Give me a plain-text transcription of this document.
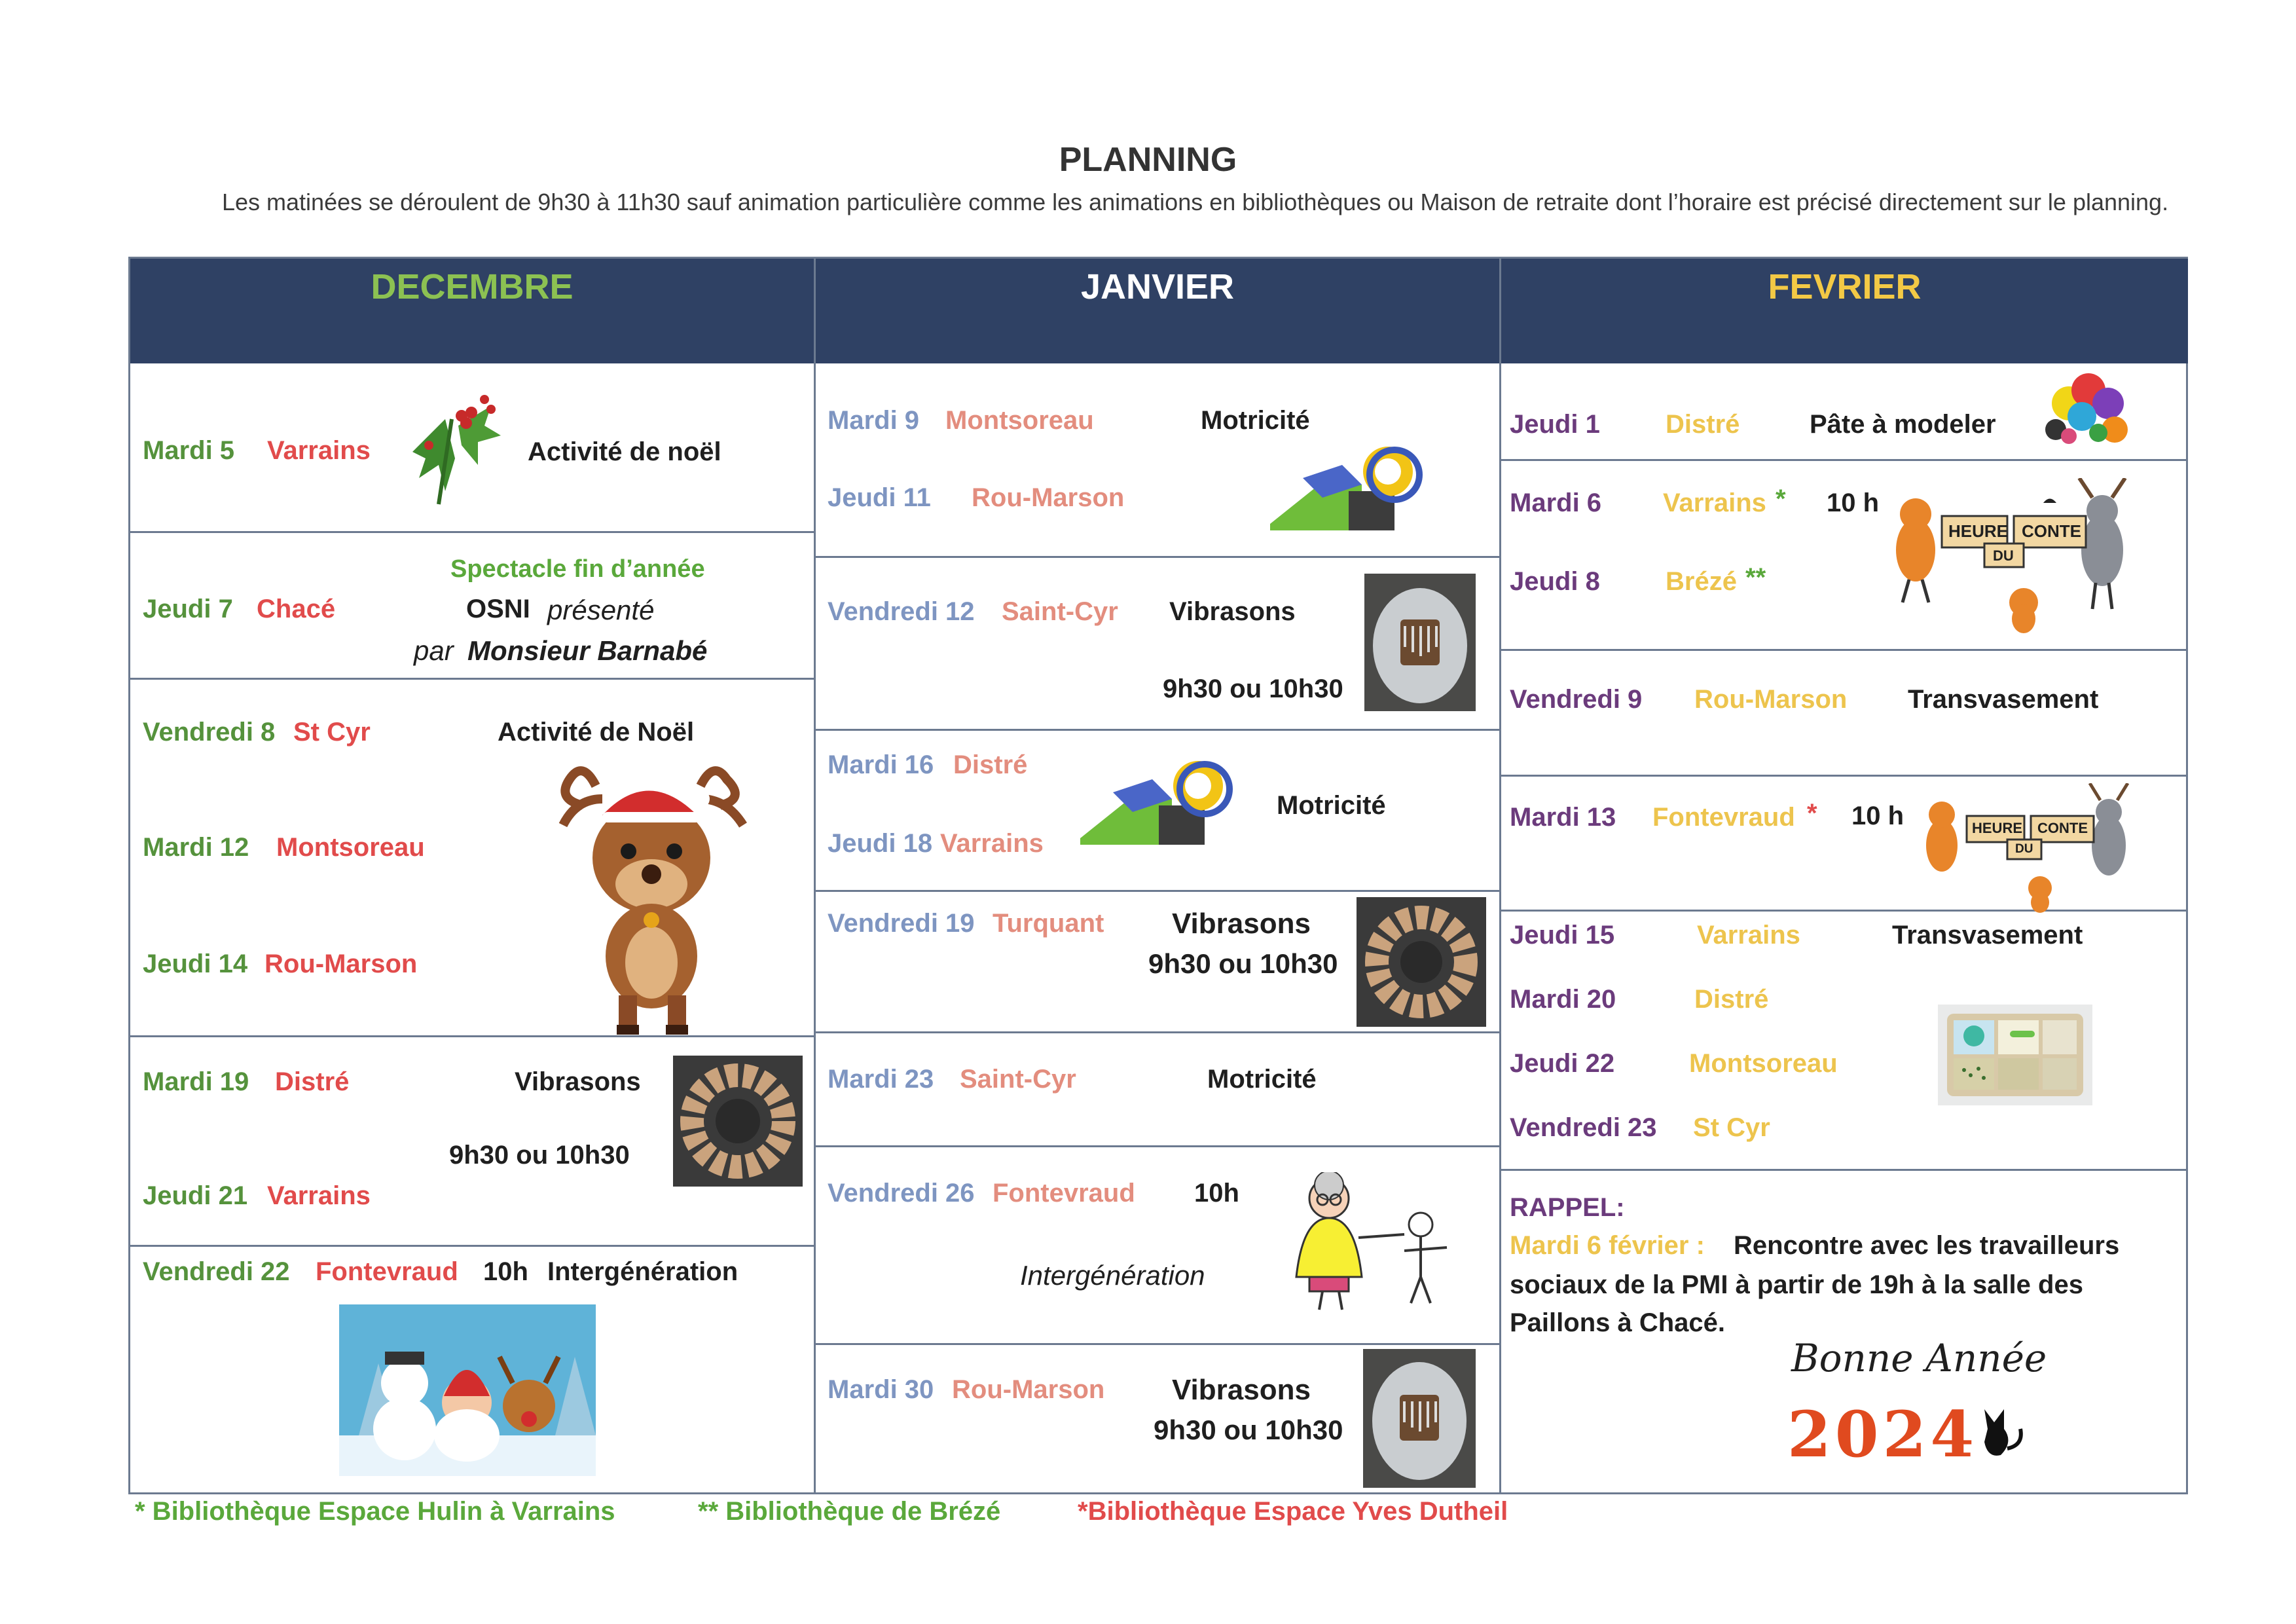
PLANNING
Les matinées se déroulent de 9h30 à 11h30 sauf animation particulière comme les animations en bibliothèques ou Maison de retraite dont l’horaire est précisé directement sur le planning.
DECEMBRE	JANVIER	FEVRIER
Mardi 5 Varrains	Activité de noël
Spectacle fin d’année
Jeudi 7 Chacé	OSNI présenté
par Monsieur Barnabé
Vendredi 8 St Cyr	Activité de Noël
Mardi 12 Montsoreau
Jeudi 14 Rou-Marson
Mardi 19 Distré	Vibrasons
9h30 ou 10h30
Jeudi 21 Varrains
Vendredi 22 Fontevraud 10h Intergénération
Mardi 9 Montsoreau	Motricité
Jeudi 11 Rou-Marson
Vendredi 12 Saint-Cyr Vibrasons
9h30 ou 10h30
Mardi 16 Distré
Motricité
Jeudi 18 Varrains
Vendredi 19 Turquant Vibrasons
9h30 ou 10h30
Mardi 23 Saint-Cyr	Motricité
Vendredi 26 Fontevraud 10h
Intergénération
Mardi 30 Rou-Marson Vibrasons
9h30 ou 10h30
Jeudi 1	Distré	Pâte à modeler
Mardi 6 Varrains * 10 h
Jeudi 8	Brézé **
HEURE CONTE
DU
Vendredi 9 Rou-Marson Transvasement
Mardi 13 Fontevraud * 10 h	HEURE CONTE
DU
Jeudi 15	Varrains	Transvasement
Mardi 20	Distré
Jeudi 22	Montsoreau
Vendredi 23 St Cyr
RAPPEL:
Mardi 6 février : Rencontre avec les travailleurs
sociaux de la PMI à partir de 19h à la salle des
Paillons à Chacé.
Bonne Année
2024
* Bibliothèque Espace Hulin à Varrains	** Bibliothèque de Brézé	*Bibliothèque Espace Yves Dutheil
